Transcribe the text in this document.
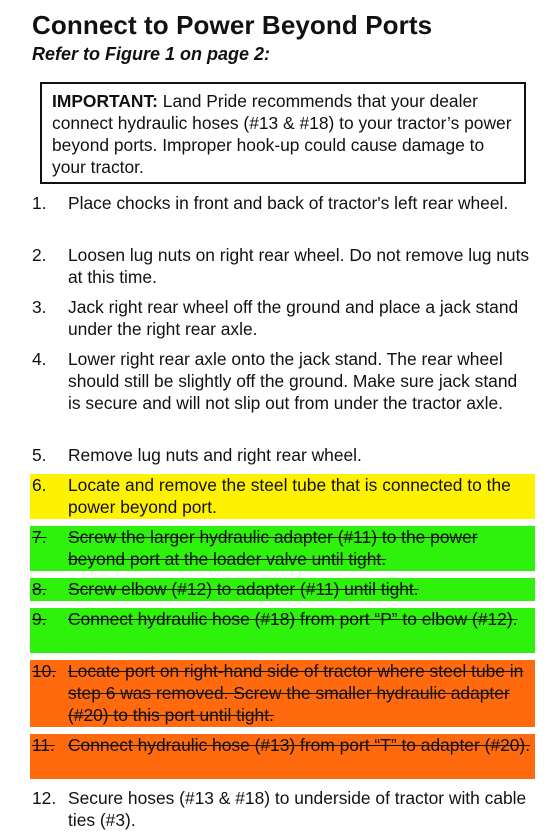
Connect to Power Beyond Ports
Refer to Figure 1 on page 2:
IMPORTANT: Land Pride recommends that your dealer connect hydraulic hoses (#13 & #18) to your tractor’s power beyond ports. Improper hook-up could cause damage to your tractor.
1. Place chocks in front and back of tractor's left rear wheel.
2. Loosen lug nuts on right rear wheel. Do not remove lug nuts at this time.
3. Jack right rear wheel off the ground and place a jack stand under the right rear axle.
4. Lower right rear axle onto the jack stand. The rear wheel should still be slightly off the ground. Make sure jack stand is secure and will not slip out from under the tractor axle.
5. Remove lug nuts and right rear wheel.
6. Locate and remove the steel tube that is connected to the power beyond port.
7. Screw the larger hydraulic adapter (#11) to the power beyond port at the loader valve until tight.
8. Screw elbow (#12) to adapter (#11) until tight.
9. Connect hydraulic hose (#18) from port “P” to elbow (#12).
10. Locate port on right-hand side of tractor where steel tube in step 6 was removed. Screw the smaller hydraulic adapter (#20) to this port until tight.
11. Connect hydraulic hose (#13) from port “T” to adapter (#20).
12. Secure hoses (#13 & #18) to underside of tractor with cable ties (#3).
